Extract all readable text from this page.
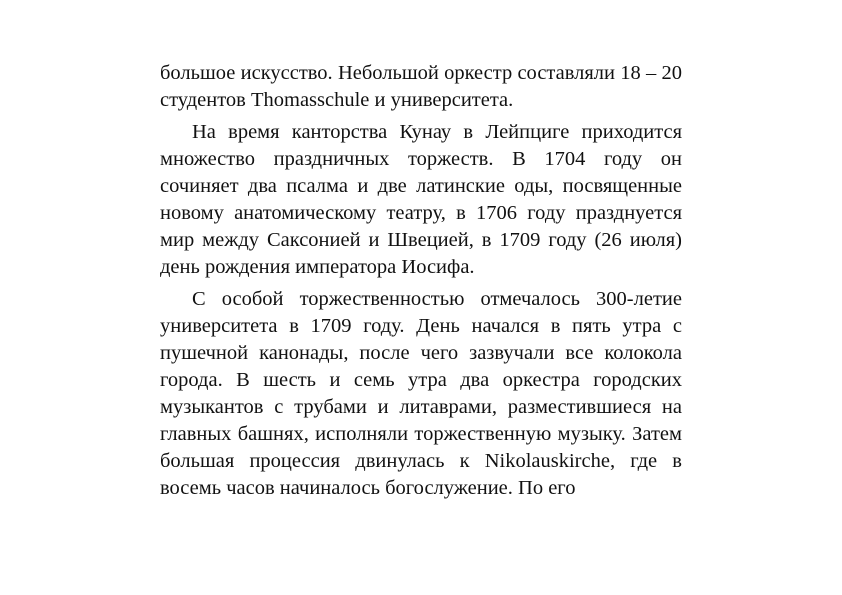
большое искусство. Небольшой оркестр составляли 18 – 20 студентов Thomasschule и университета.

На время канторства Кунау в Лейпциге приходится множество праздничных торжеств. В 1704 году он сочиняет два псалма и две латинские оды, посвященные новому анатомическому театру, в 1706 году празднуется мир между Саксонией и Швецией, в 1709 году (26 июля) день рождения императора Иосифа.

С особой торжественностью отмечалось 300-летие университета в 1709 году. День начался в пять утра с пушечной канонады, после чего зазвучали все колокола города. В шесть и семь утра два оркестра городских музыкантов с трубами и литаврами, разместившиеся на главных башнях, исполняли торжественную музыку. Затем большая процессия двинулась к Nikolauskirche, где в восемь часов начиналось богослужение. По его
